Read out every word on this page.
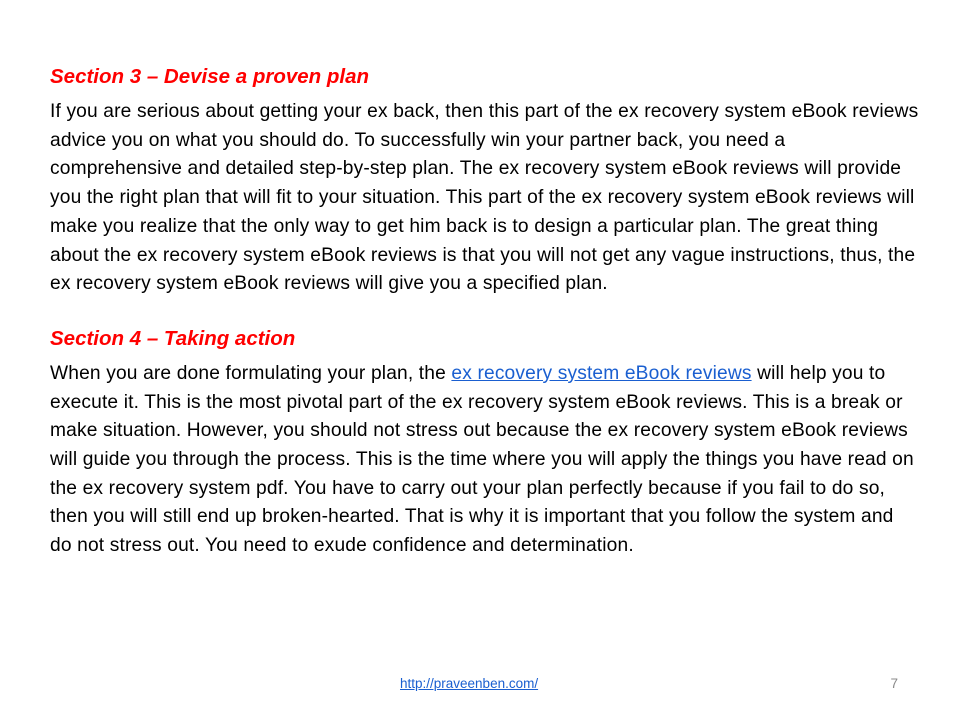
Section 3 – Devise a proven plan

If you are serious about getting your ex back, then this part of the ex recovery system eBook reviews advice you on what you should do. To successfully win your partner back, you need a comprehensive and detailed step-by-step plan. The ex recovery system eBook reviews will provide you the right plan that will fit to your situation. This part of the ex recovery system eBook reviews will make you realize that the only way to get him back is to design a particular plan. The great thing about the ex recovery system eBook reviews is that you will not get any vague instructions, thus, the ex recovery system eBook reviews will give you a specified plan.

Section 4 – Taking action

When you are done formulating your plan, the ex recovery system eBook reviews will help you to execute it. This is the most pivotal part of the ex recovery system eBook reviews. This is a break or make situation. However, you should not stress out because the ex recovery system eBook reviews will guide you through the process. This is the time where you will apply the things you have read on the ex recovery system pdf. You have to carry out your plan perfectly because if you fail to do so, then you will still end up broken-hearted. That is why it is important that you follow the system and do not stress out. You need to exude confidence and determination.

http://praveenben.com/	7
